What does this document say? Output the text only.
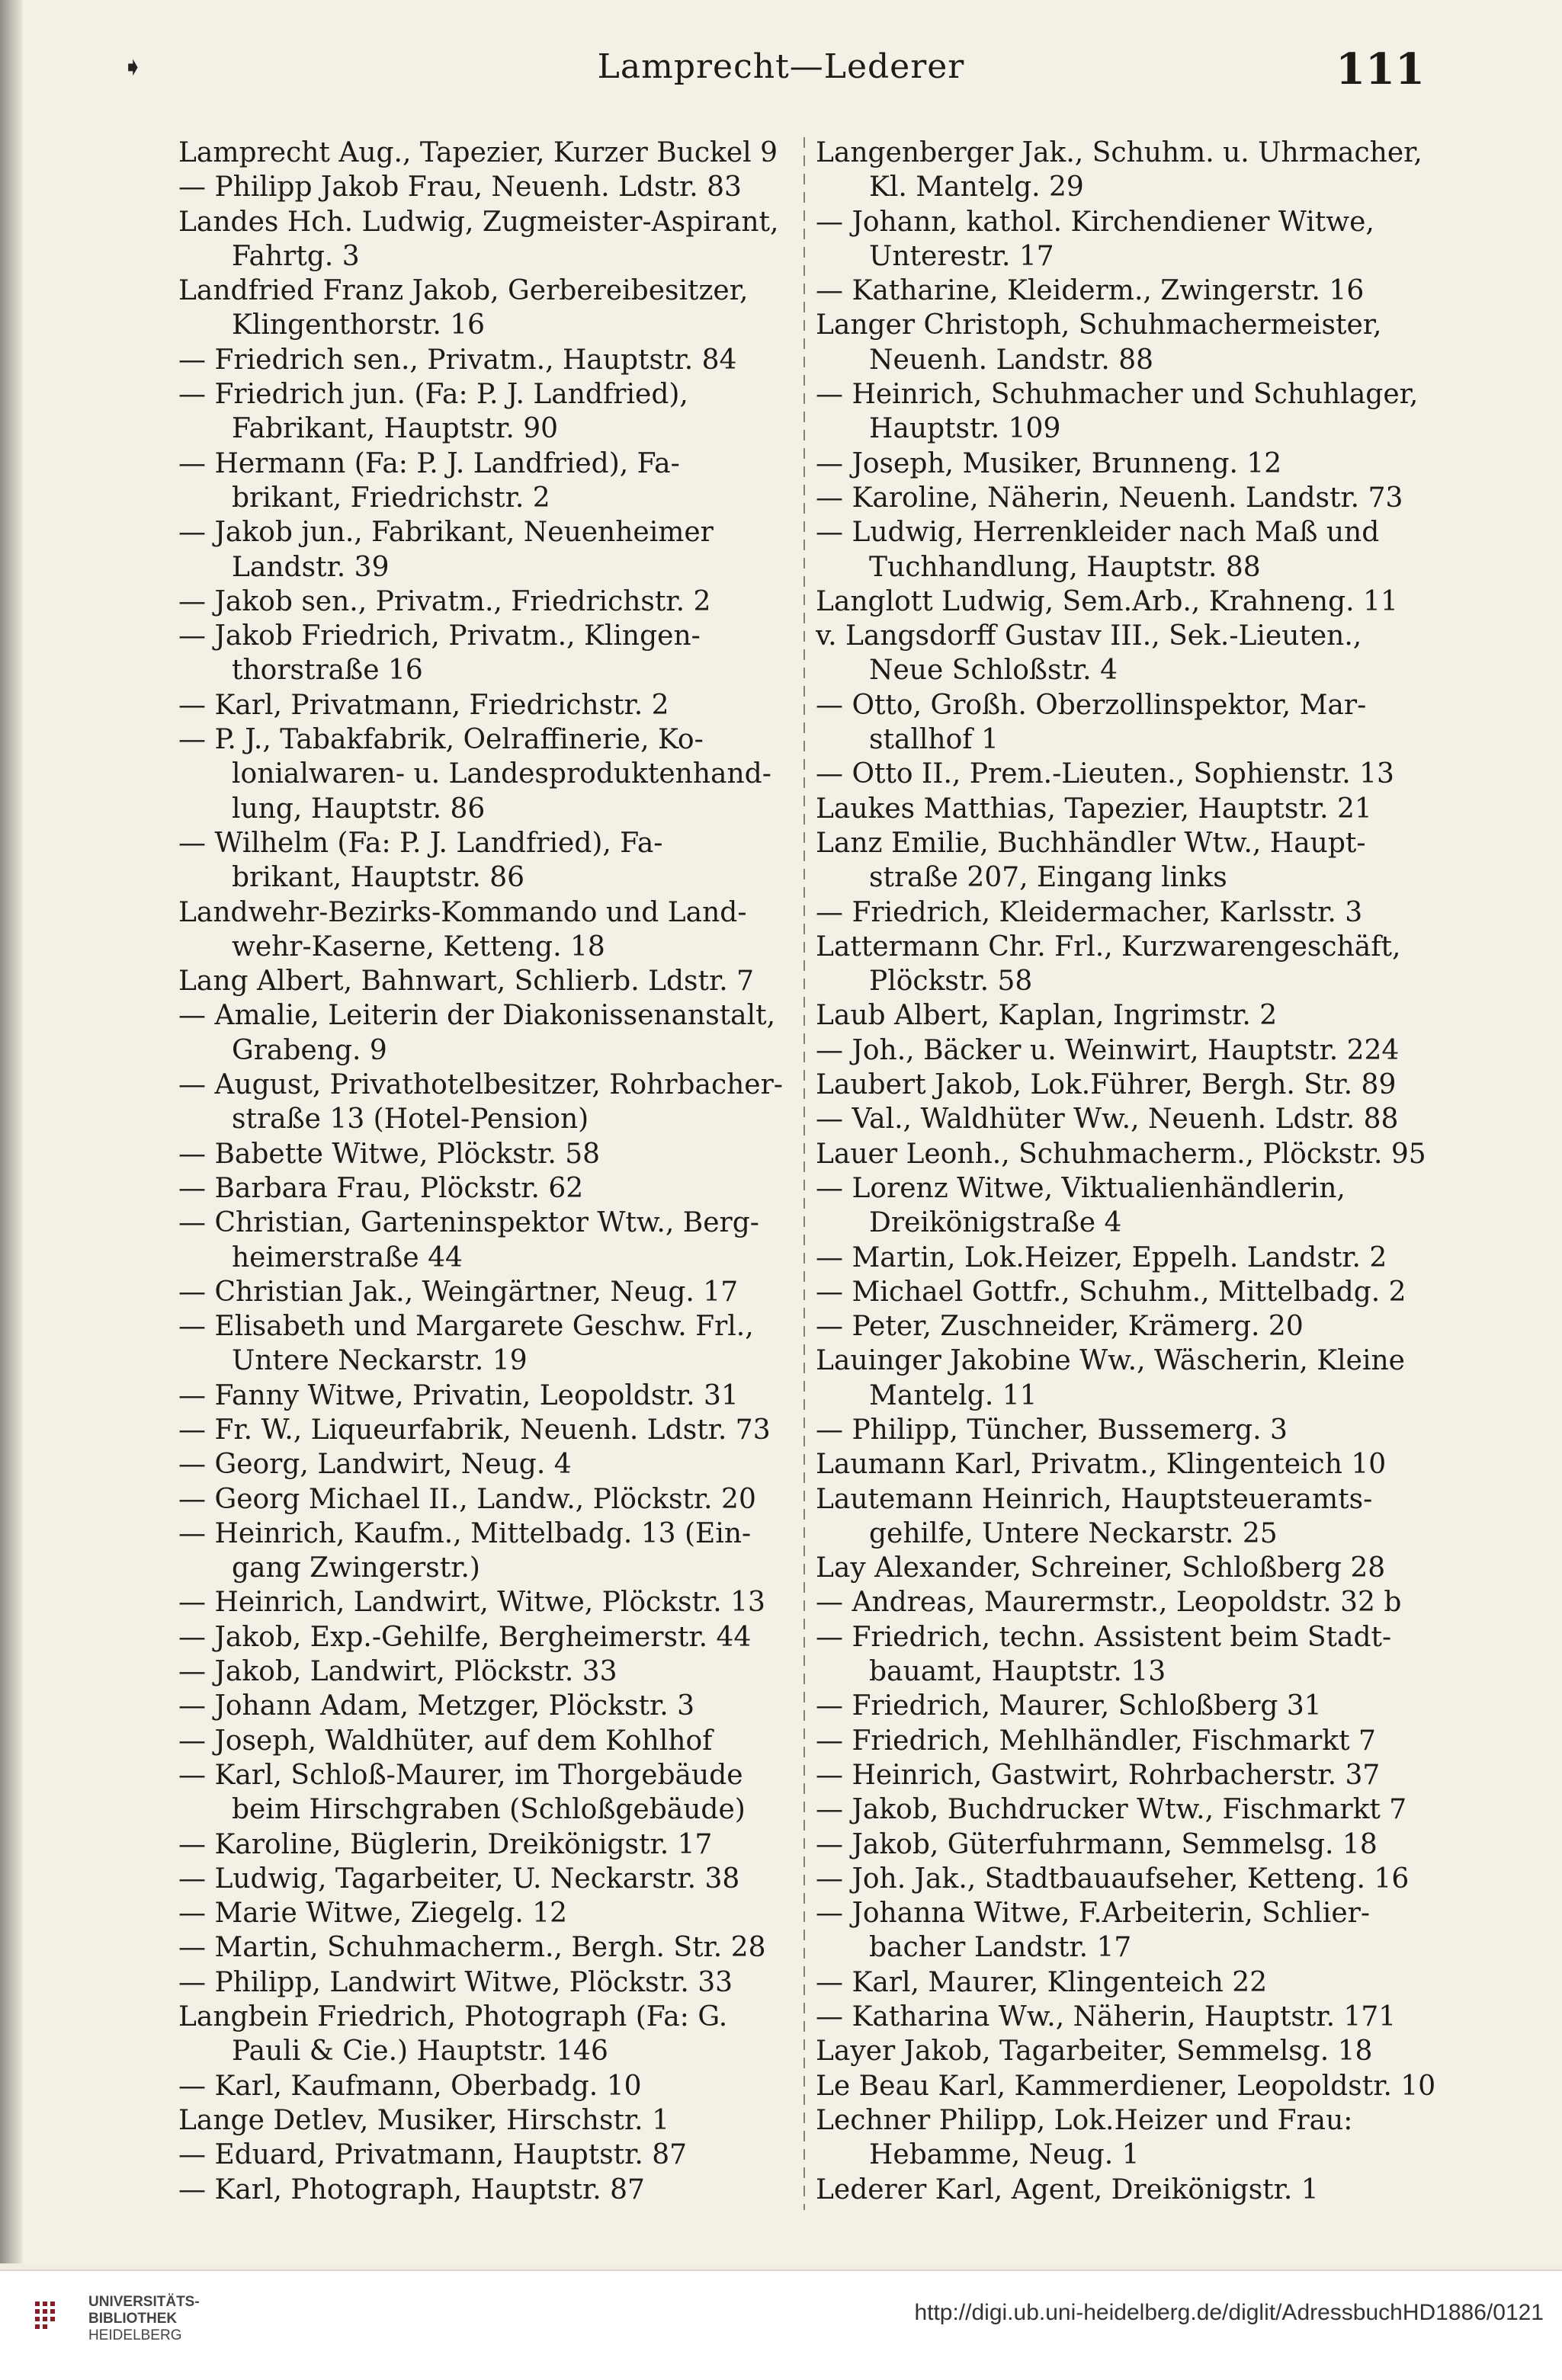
➧	Lamprecht—Lederer	111
Lamprecht Aug., Tapezier, Kurzer Buckel 9
— Philipp Jakob Frau, Neuenh. Ldstr. 83
Landes Hch. Ludwig, Zugmeister-Aspirant,
Fahrtg. 3
Landfried Franz Jakob, Gerbereibesitzer,
Klingenthorstr. 16
— Friedrich sen., Privatm., Hauptstr. 84
— Friedrich jun. (Fa: P. J. Landfried),
Fabrikant, Hauptstr. 90
— Hermann (Fa: P. J. Landfried), Fa-
brikant, Friedrichstr. 2
— Jakob jun., Fabrikant, Neuenheimer
Landstr. 39
— Jakob sen., Privatm., Friedrichstr. 2
— Jakob Friedrich, Privatm., Klingen-
thorstraße 16
— Karl, Privatmann, Friedrichstr. 2
— P. J., Tabakfabrik, Oelraffinerie, Ko-
lonialwaren- u. Landesproduktenhand-
lung, Hauptstr. 86
— Wilhelm (Fa: P. J. Landfried), Fa-
brikant, Hauptstr. 86
Landwehr-Bezirks-Kommando und Land-
wehr-Kaserne, Ketteng. 18
Lang Albert, Bahnwart, Schlierb. Ldstr. 7
— Amalie, Leiterin der Diakonissenanstalt,
Grabeng. 9
— August, Privathotelbesitzer, Rohrbacher-
straße 13 (Hotel-Pension)
— Babette Witwe, Plöckstr. 58
— Barbara Frau, Plöckstr. 62
— Christian, Garteninspektor Wtw., Berg-
heimerstraße 44
— Christian Jak., Weingärtner, Neug. 17
— Elisabeth und Margarete Geschw. Frl.,
Untere Neckarstr. 19
— Fanny Witwe, Privatin, Leopoldstr. 31
— Fr. W., Liqueurfabrik, Neuenh. Ldstr. 73
— Georg, Landwirt, Neug. 4
— Georg Michael II., Landw., Plöckstr. 20
— Heinrich, Kaufm., Mittelbadg. 13 (Ein-
gang Zwingerstr.)
— Heinrich, Landwirt, Witwe, Plöckstr. 13
— Jakob, Exp.-Gehilfe, Bergheimerstr. 44
— Jakob, Landwirt, Plöckstr. 33
— Johann Adam, Metzger, Plöckstr. 3
— Joseph, Waldhüter, auf dem Kohlhof
— Karl, Schloß-Maurer, im Thorgebäude
beim Hirschgraben (Schloßgebäude)
— Karoline, Büglerin, Dreikönigstr. 17
— Ludwig, Tagarbeiter, U. Neckarstr. 38
— Marie Witwe, Ziegelg. 12
— Martin, Schuhmacherm., Bergh. Str. 28
— Philipp, Landwirt Witwe, Plöckstr. 33
Langbein Friedrich, Photograph (Fa: G.
Pauli & Cie.) Hauptstr. 146
— Karl, Kaufmann, Oberbadg. 10
Lange Detlev, Musiker, Hirschstr. 1
— Eduard, Privatmann, Hauptstr. 87
— Karl, Photograph, Hauptstr. 87
Langenberger Jak., Schuhm. u. Uhrmacher,
Kl. Mantelg. 29
— Johann, kathol. Kirchendiener Witwe,
Unterestr. 17
— Katharine, Kleiderm., Zwingerstr. 16
Langer Christoph, Schuhmachermeister,
Neuenh. Landstr. 88
— Heinrich, Schuhmacher und Schuhlager,
Hauptstr. 109
— Joseph, Musiker, Brunneng. 12
— Karoline, Näherin, Neuenh. Landstr. 73
— Ludwig, Herrenkleider nach Maß und
Tuchhandlung, Hauptstr. 88
Langlott Ludwig, Sem.Arb., Krahneng. 11
v. Langsdorff Gustav III., Sek.-Lieuten.,
Neue Schloßstr. 4
— Otto, Großh. Oberzollinspektor, Mar-
stallhof 1
— Otto II., Prem.-Lieuten., Sophienstr. 13
Laukes Matthias, Tapezier, Hauptstr. 21
Lanz Emilie, Buchhändler Wtw., Haupt-
straße 207, Eingang links
— Friedrich, Kleidermacher, Karlsstr. 3
Lattermann Chr. Frl., Kurzwarengeschäft,
Plöckstr. 58
Laub Albert, Kaplan, Ingrimstr. 2
— Joh., Bäcker u. Weinwirt, Hauptstr. 224
Laubert Jakob, Lok.Führer, Bergh. Str. 89
— Val., Waldhüter Ww., Neuenh. Ldstr. 88
Lauer Leonh., Schuhmacherm., Plöckstr. 95
— Lorenz Witwe, Viktualienhändlerin,
Dreikönigstraße 4
— Martin, Lok.Heizer, Eppelh. Landstr. 2
— Michael Gottfr., Schuhm., Mittelbadg. 2
— Peter, Zuschneider, Krämerg. 20
Lauinger Jakobine Ww., Wäscherin, Kleine
Mantelg. 11
— Philipp, Tüncher, Bussemerg. 3
Laumann Karl, Privatm., Klingenteich 10
Lautemann Heinrich, Hauptsteueramts-
gehilfe, Untere Neckarstr. 25
Lay Alexander, Schreiner, Schloßberg 28
— Andreas, Maurermstr., Leopoldstr. 32 b
— Friedrich, techn. Assistent beim Stadt-
bauamt, Hauptstr. 13
— Friedrich, Maurer, Schloßberg 31
— Friedrich, Mehlhändler, Fischmarkt 7
— Heinrich, Gastwirt, Rohrbacherstr. 37
— Jakob, Buchdrucker Wtw., Fischmarkt 7
— Jakob, Güterfuhrmann, Semmelsg. 18
— Joh. Jak., Stadtbauaufseher, Ketteng. 16
— Johanna Witwe, F.Arbeiterin, Schlier-
bacher Landstr. 17
— Karl, Maurer, Klingenteich 22
— Katharina Ww., Näherin, Hauptstr. 171
Layer Jakob, Tagarbeiter, Semmelsg. 18
Le Beau Karl, Kammerdiener, Leopoldstr. 10
Lechner Philipp, Lok.Heizer und Frau:
Hebamme, Neug. 1
Lederer Karl, Agent, Dreikönigstr. 1
UNIVERSITÄTS-
BIBLIOTHEK
HEIDELBERG
http://digi.ub.uni-heidelberg.de/diglit/AdressbuchHD1886/0121
